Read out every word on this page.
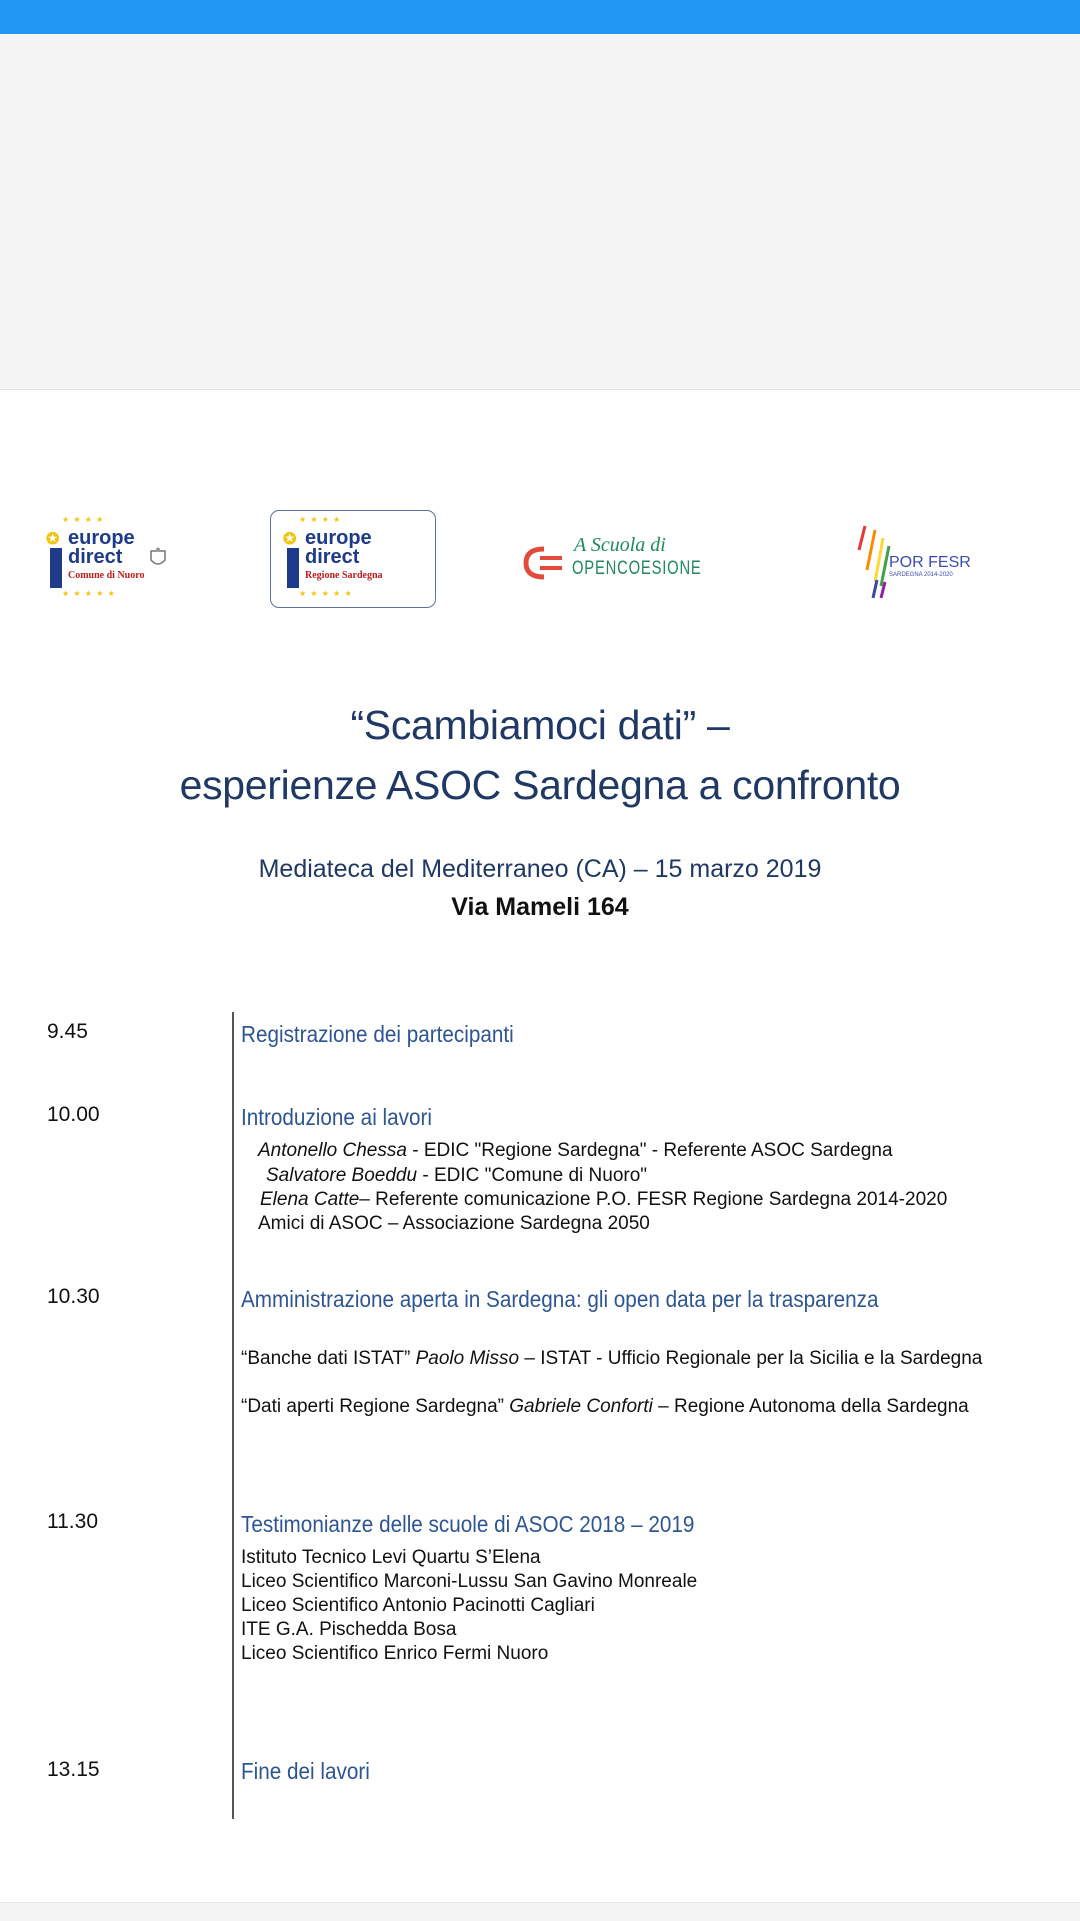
✪
★ ★ ★ ★
europe
direct
Comune di Nuoro
★ ★ ★ ★ ★
✪
★ ★ ★ ★
europe
direct
Regione Sardegna
★ ★ ★ ★ ★
A Scuola di
OPENCOESIONE	POR FESR
SARDEGNA 2014-2020
“Scambiamoci dati” –
esperienze ASOC Sardegna a confronto
Mediateca del Mediterraneo (CA) – 15 marzo 2019
Via Mameli 164
9.45	Registrazione dei partecipanti
10.00	Introduzione ai lavori
Antonello Chessa - EDIC "Regione Sardegna" - Referente ASOC Sardegna
Salvatore Boeddu - EDIC "Comune di Nuoro"
Elena Catte– Referente comunicazione P.O. FESR Regione Sardegna 2014-2020
Amici di ASOC – Associazione Sardegna 2050
10.30	Amministrazione aperta in Sardegna: gli open data per la trasparenza
“Banche dati ISTAT” Paolo Misso – ISTAT - Ufficio Regionale per la Sicilia e la Sardegna
“Dati aperti Regione Sardegna” Gabriele Conforti – Regione Autonoma della Sardegna
11.30	Testimonianze delle scuole di ASOC 2018 – 2019
Istituto Tecnico Levi Quartu S’Elena
Liceo Scientifico Marconi-Lussu San Gavino Monreale
Liceo Scientifico Antonio Pacinotti Cagliari
ITE G.A. Pischedda Bosa
Liceo Scientifico Enrico Fermi Nuoro
13.15	Fine dei lavori
